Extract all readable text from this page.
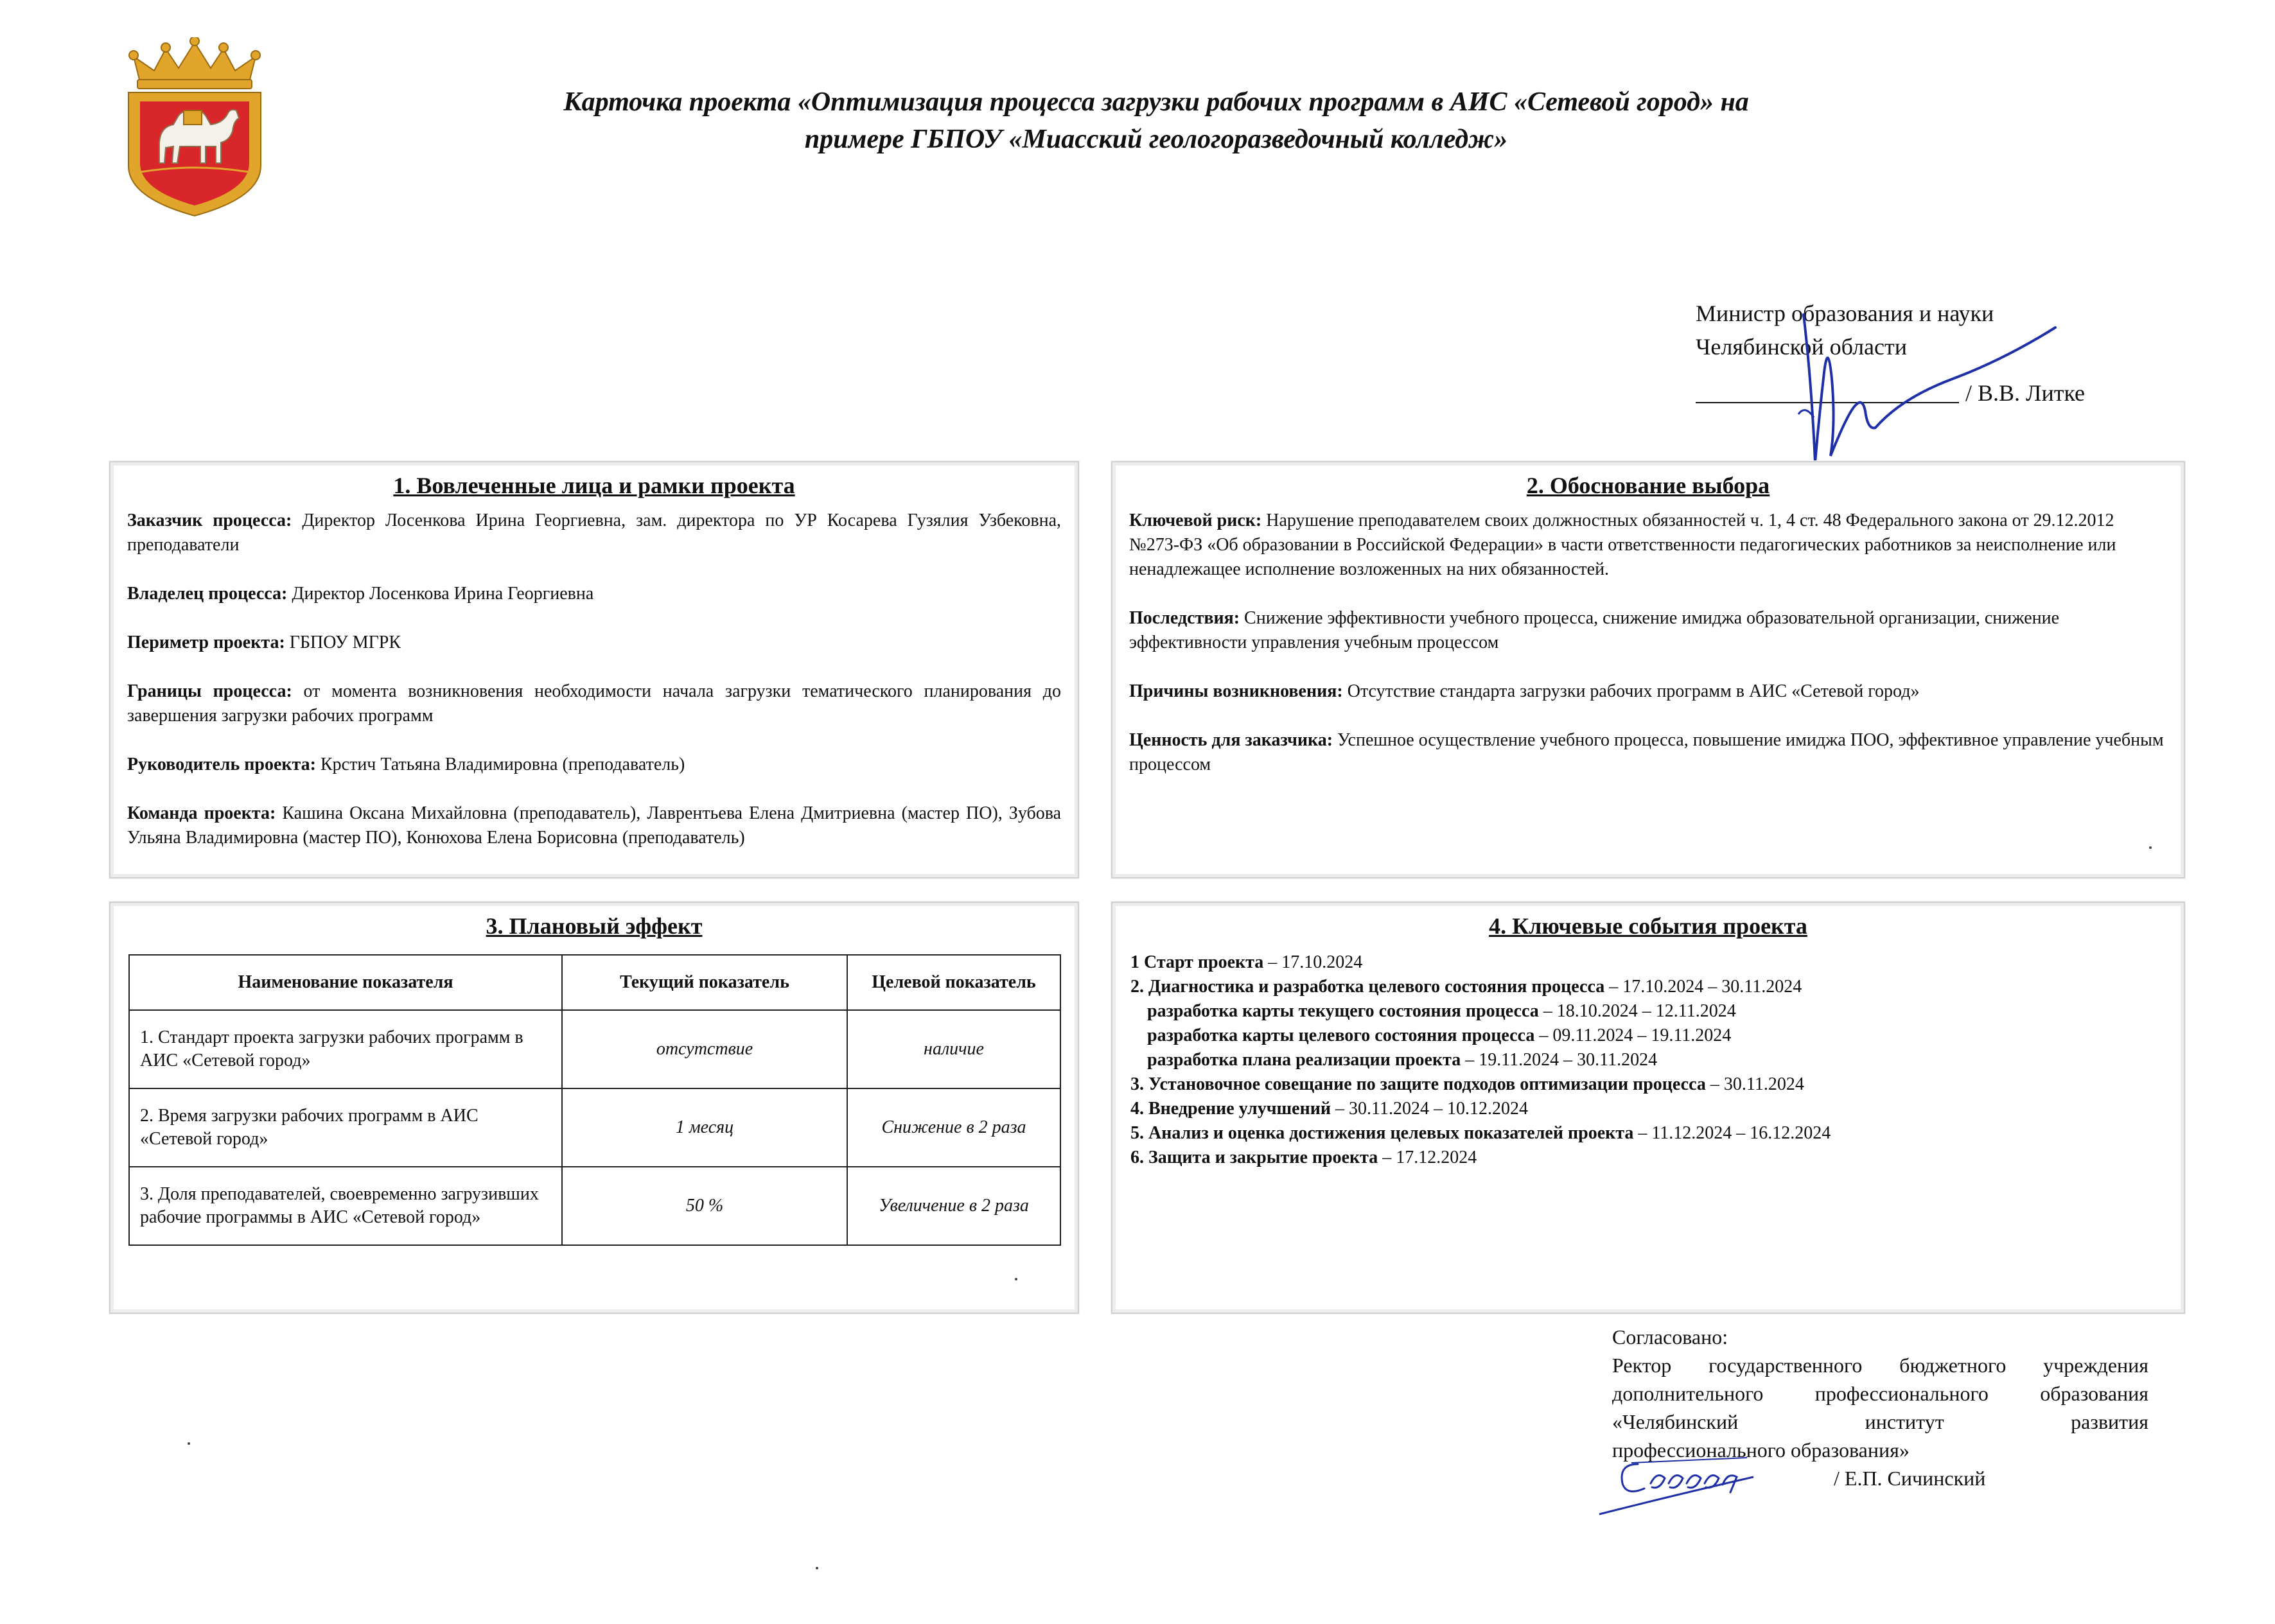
Карточка проекта «Оптимизация процесса загрузки рабочих программ в АИС «Сетевой город» на
примере ГБПОУ «Миасский геологоразведочный колледж»
Министр образования и науки
Челябинской области
/ В.В. Литке
1. Вовлеченные лица и рамки проекта

Заказчик процесса: Директор Лосенкова Ирина Георгиевна, зам. директора по УР Косарева Гузялия Узбековна, преподаватели

Владелец процесса: Директор Лосенкова Ирина Георгиевна

Периметр проекта: ГБПОУ МГРК

Границы процесса: от момента возникновения необходимости начала загрузки тематического планирования до завершения загрузки рабочих программ

Руководитель проекта: Крстич Татьяна Владимировна (преподаватель)

Команда проекта: Кашина Оксана Михайловна (преподаватель), Лаврентьева Елена Дмитриевна (мастер ПО), Зубова Ульяна Владимировна (мастер ПО), Конюхова Елена Борисовна (преподаватель)

2. Обоснование выбора

Ключевой риск: Нарушение преподавателем своих должностных обязанностей ч. 1, 4 ст. 48 Федерального закона от 29.12.2012 №273-ФЗ «Об образовании в Российской Федерации» в части ответственности педагогических работников за неисполнение или ненадлежащее исполнение возложенных на них обязанностей.

Последствия: Снижение эффективности учебного процесса, снижение имиджа образовательной организации, снижение эффективности управления учебным процессом

Причины возникновения: Отсутствие стандарта загрузки рабочих программ в АИС «Сетевой город»

Ценность для заказчика: Успешное осуществление учебного процесса, повышение имиджа ПОО, эффективное управление учебным процессом

3. Плановый эффект
Наименование показателя	Текущий показатель	Целевой показатель
1. Стандарт проекта загрузки рабочих программ в АИС «Сетевой город»	отсутствие	наличие
2. Время загрузки рабочих программ в АИС «Сетевой город»	1 месяц	Снижение в 2 раза
3. Доля преподавателей, своевременно загрузивших рабочие программы в АИС «Сетевой город»	50 %	Увеличение в 2 раза
4. Ключевые события проекта
1 Старт проекта – 17.10.2024
2. Диагностика и разработка целевого состояния процесса – 17.10.2024 – 30.11.2024
разработка карты текущего состояния процесса – 18.10.2024 – 12.11.2024
разработка карты целевого состояния процесса – 09.11.2024 – 19.11.2024
разработка плана реализации проекта – 19.11.2024 – 30.11.2024
3. Установочное совещание по защите подходов оптимизации процесса – 30.11.2024
4. Внедрение улучшений – 30.11.2024 – 10.12.2024
5. Анализ и оценка достижения целевых показателей проекта – 11.12.2024 – 16.12.2024
6. Защита и закрытие проекта – 17.12.2024
Согласовано:
Ректор государственного бюджетного учреждения
дополнительного профессионального образования
«Челябинский институт развития
профессионального образования»
/ Е.П. Сичинский
